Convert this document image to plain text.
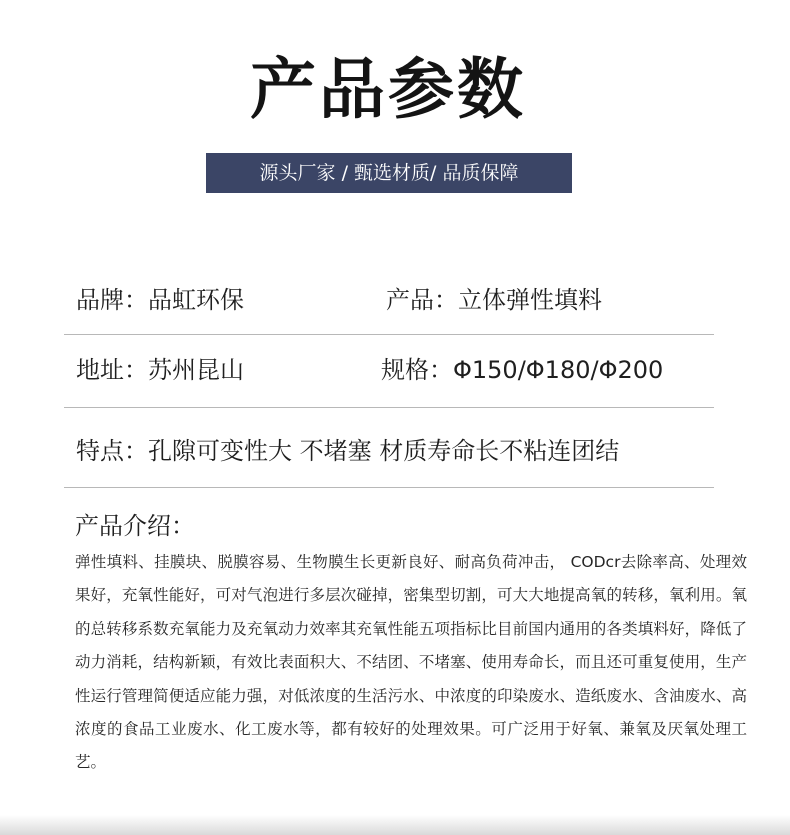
产品参数
源头厂家 / 甄选材质/ 品质保障
品牌：品虹环保	产品：立体弹性填料
地址：苏州昆山	规格：Φ150/Φ180/Φ200
特点：孔隙可变性大 不堵塞 材质寿命长不粘连团结
产品介绍：
弹性填料、挂膜块、脱膜容易、生物膜生长更新良好、耐高负荷冲击， CODcr去除率高、处理效果好，充氧性能好，可对气泡进行多层次碰掉，密集型切割，可大大地提高氧的转移，氧利用。氧的总转移系数充氧能力及充氧动力效率其充氧性能五项指标比目前国内通用的各类填料好，降低了动力消耗，结构新颖，有效比表面积大、不结团、不堵塞、使用寿命长，而且还可重复使用，生产性运行管理简便适应能力强，对低浓度的生活污水、中浓度的印染废水、造纸废水、含油废水、高浓度的食品工业废水、化工废水等，都有较好的处理效果。可广泛用于好氧、兼氧及厌氧处理工艺。
